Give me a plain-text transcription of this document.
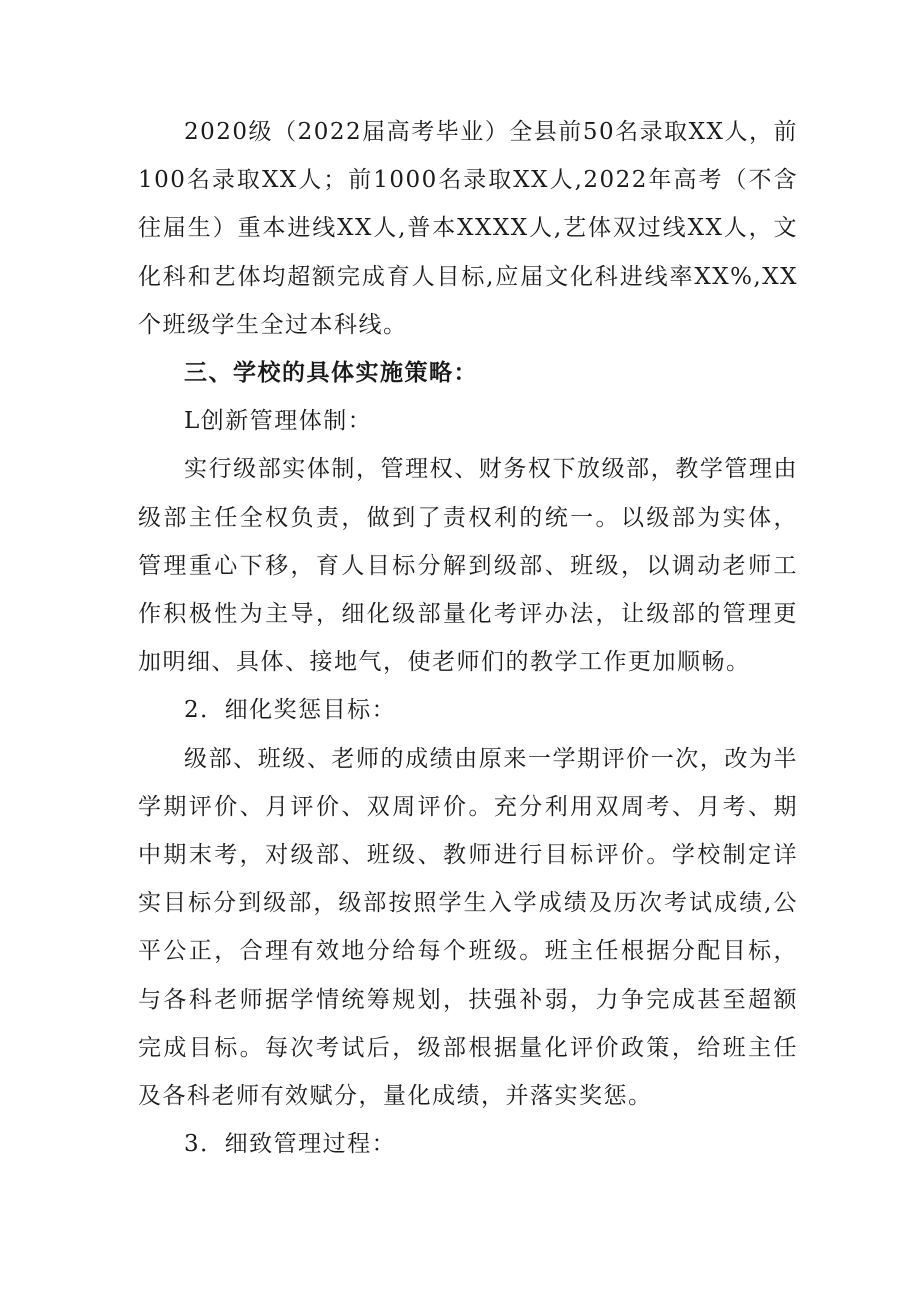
2020级（2022届高考毕业）全县前50名录取XX人，前100名录取XX人；前1000名录取XX人,2022年高考（不含往届生）重本进线XX人,普本XXXX人,艺体双过线XX人，文化科和艺体均超额完成育人目标,应届文化科进线率XX%,XX个班级学生全过本科线。

三、学校的具体实施策略：

L创新管理体制：

实行级部实体制，管理权、财务权下放级部，教学管理由级部主任全权负责，做到了责权利的统一。以级部为实体，管理重心下移，育人目标分解到级部、班级，以调动老师工作积极性为主导，细化级部量化考评办法，让级部的管理更加明细、具体、接地气，使老师们的教学工作更加顺畅。

2．细化奖惩目标：

级部、班级、老师的成绩由原来一学期评价一次，改为半学期评价、月评价、双周评价。充分利用双周考、月考、期中期末考，对级部、班级、教师进行目标评价。学校制定详实目标分到级部，级部按照学生入学成绩及历次考试成绩,公平公正，合理有效地分给每个班级。班主任根据分配目标，与各科老师据学情统筹规划，扶强补弱，力争完成甚至超额完成目标。每次考试后，级部根据量化评价政策，给班主任及各科老师有效赋分，量化成绩，并落实奖惩。

3．细致管理过程：
